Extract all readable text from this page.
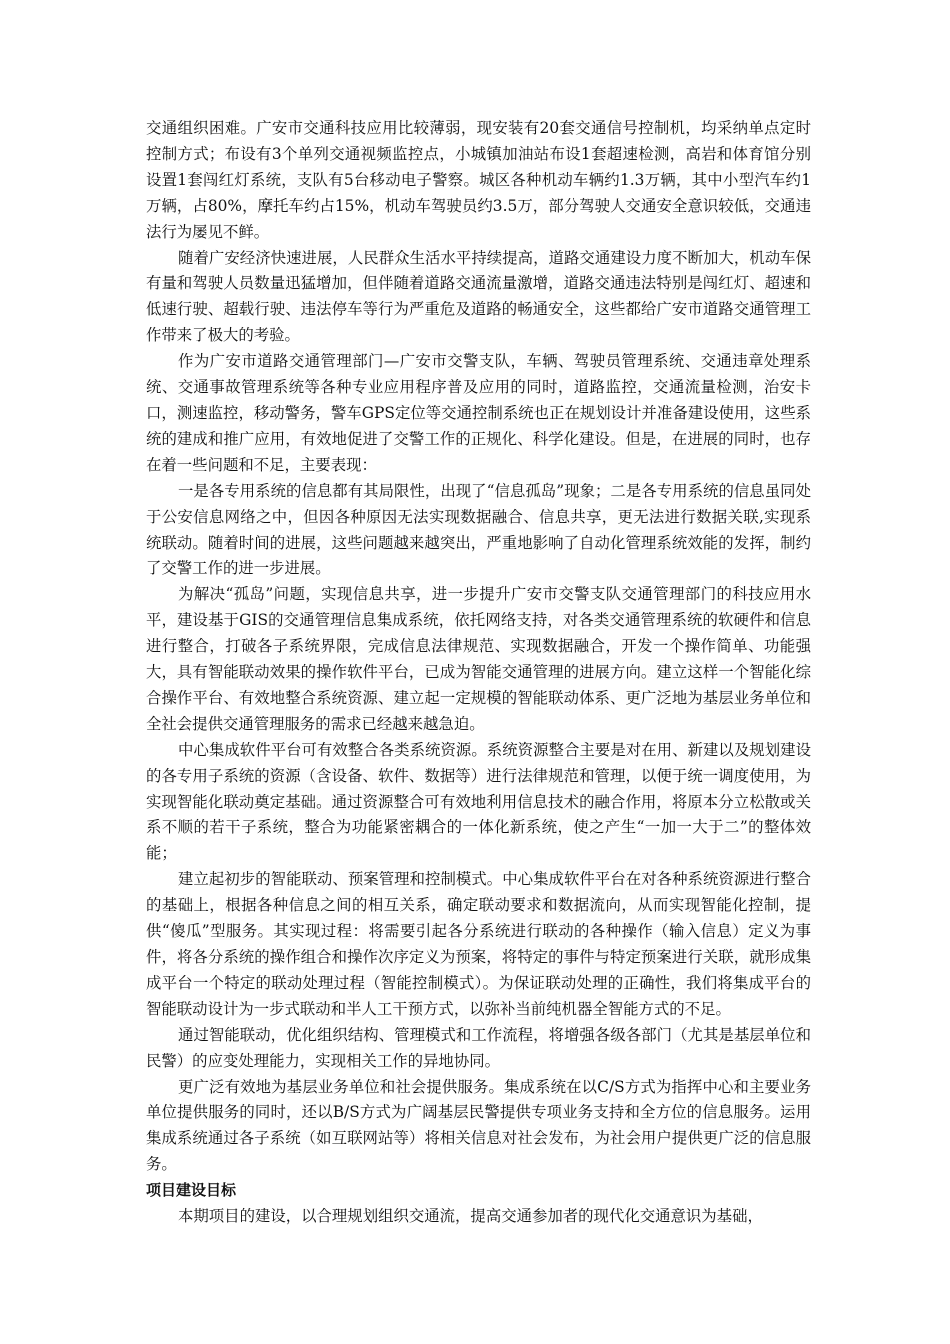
交通组织困难。广安市交通科技应用比较薄弱，现安装有20套交通信号控制机，均采纳单点定时控制方式；布设有3个单列交通视频监控点，小城镇加油站布设1套超速检测，高岩和体育馆分别设置1套闯红灯系统，支队有5台移动电子警察。城区各种机动车辆约1.3万辆，其中小型汽车约1万辆，占80%，摩托车约占15%，机动车驾驶员约3.5万，部分驾驶人交通安全意识较低，交通违法行为屡见不鲜。

随着广安经济快速进展，人民群众生活水平持续提高，道路交通建设力度不断加大，机动车保有量和驾驶人员数量迅猛增加，但伴随着道路交通流量激增，道路交通违法特别是闯红灯、超速和低速行驶、超载行驶、违法停车等行为严重危及道路的畅通安全，这些都给广安市道路交通管理工作带来了极大的考验。

作为广安市道路交通管理部门—广安市交警支队，车辆、驾驶员管理系统、交通违章处理系统、交通事故管理系统等各种专业应用程序普及应用的同时，道路监控，交通流量检测，治安卡口，测速监控，移动警务，警车GPS定位等交通控制系统也正在规划设计并准备建设使用，这些系统的建成和推广应用，有效地促进了交警工作的正规化、科学化建设。但是，在进展的同时，也存在着一些问题和不足，主要表现：

一是各专用系统的信息都有其局限性，出现了“信息孤岛”现象；二是各专用系统的信息虽同处于公安信息网络之中，但因各种原因无法实现数据融合、信息共享，更无法进行数据关联,实现系统联动。随着时间的进展，这些问题越来越突出，严重地影响了自动化管理系统效能的发挥，制约了交警工作的进一步进展。

为解决“孤岛”问题，实现信息共享，进一步提升广安市交警支队交通管理部门的科技应用水平，建设基于GIS的交通管理信息集成系统，依托网络支持，对各类交通管理系统的软硬件和信息进行整合，打破各子系统界限，完成信息法律规范、实现数据融合，开发一个操作简单、功能强大，具有智能联动效果的操作软件平台，已成为智能交通管理的进展方向。建立这样一个智能化综合操作平台、有效地整合系统资源、建立起一定规模的智能联动体系、更广泛地为基层业务单位和全社会提供交通管理服务的需求已经越来越急迫。

中心集成软件平台可有效整合各类系统资源。系统资源整合主要是对在用、新建以及规划建设的各专用子系统的资源（含设备、软件、数据等）进行法律规范和管理，以便于统一调度使用，为实现智能化联动奠定基础。通过资源整合可有效地利用信息技术的融合作用，将原本分立松散或关系不顺的若干子系统，整合为功能紧密耦合的一体化新系统，使之产生“一加一大于二”的整体效能；

建立起初步的智能联动、预案管理和控制模式。中心集成软件平台在对各种系统资源进行整合的基础上，根据各种信息之间的相互关系，确定联动要求和数据流向，从而实现智能化控制，提供“傻瓜”型服务。其实现过程：将需要引起各分系统进行联动的各种操作（输入信息）定义为事件，将各分系统的操作组合和操作次序定义为预案，将特定的事件与特定预案进行关联，就形成集成平台一个特定的联动处理过程（智能控制模式）。为保证联动处理的正确性，我们将集成平台的智能联动设计为一步式联动和半人工干预方式，以弥补当前纯机器全智能方式的不足。

通过智能联动，优化组织结构、管理模式和工作流程，将增强各级各部门（尤其是基层单位和民警）的应变处理能力，实现相关工作的异地协同。

更广泛有效地为基层业务单位和社会提供服务。集成系统在以C/S方式为指挥中心和主要业务单位提供服务的同时，还以B/S方式为广阔基层民警提供专项业务支持和全方位的信息服务。运用集成系统通过各子系统（如互联网站等）将相关信息对社会发布，为社会用户提供更广泛的信息服务。

项目建设目标

本期项目的建设，以合理规划组织交通流，提高交通参加者的现代化交通意识为基础，
